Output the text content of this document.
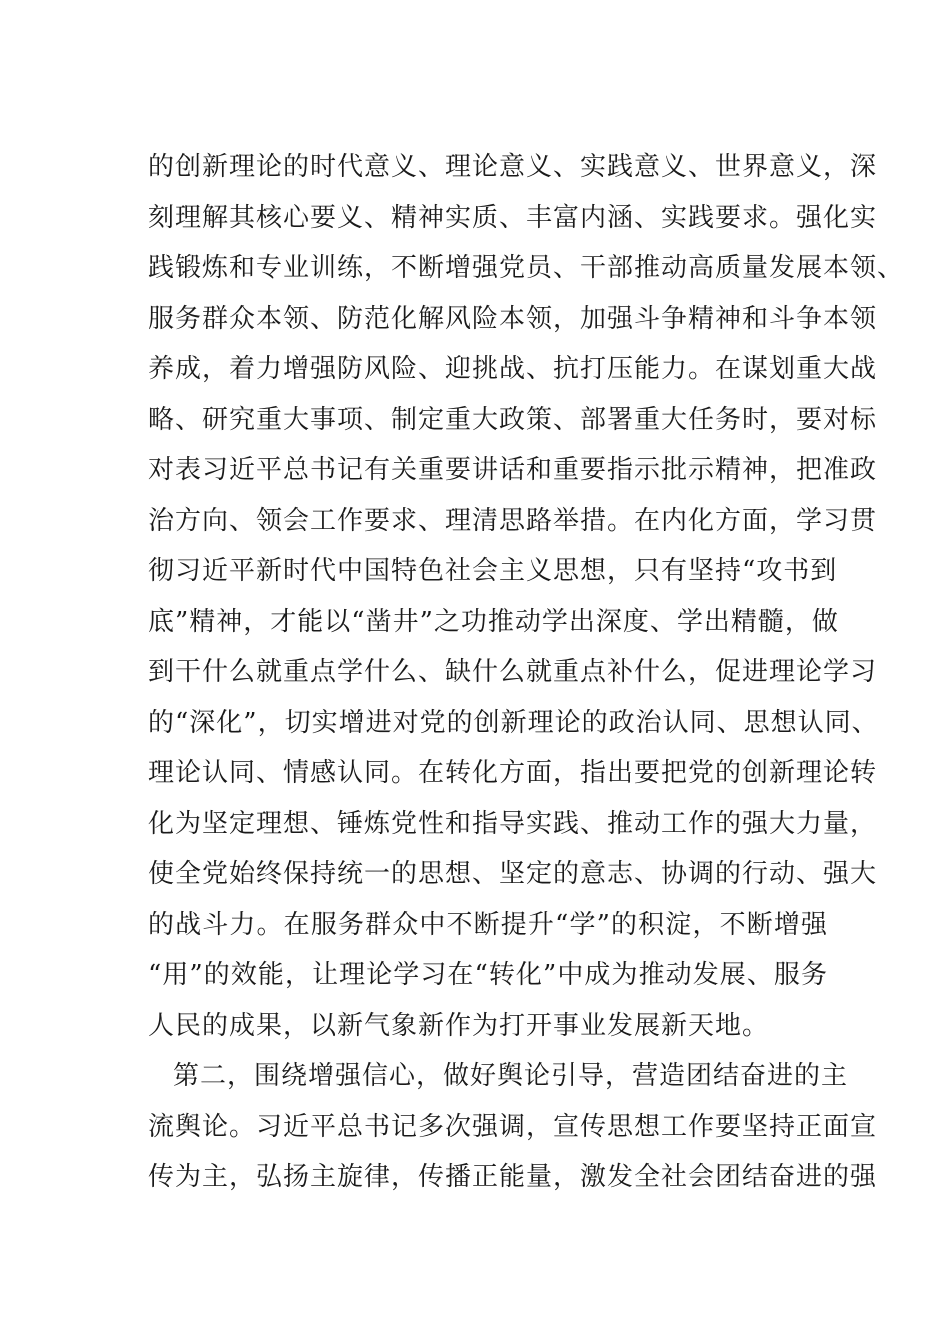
的创新理论的时代意义、理论意义、实践意义、世界意义，深
刻理解其核心要义、精神实质、丰富内涵、实践要求。强化实
践锻炼和专业训练，不断增强党员、干部推动高质量发展本领、
服务群众本领、防范化解风险本领，加强斗争精神和斗争本领
养成，着力增强防风险、迎挑战、抗打压能力。在谋划重大战
略、研究重大事项、制定重大政策、部署重大任务时，要对标
对表习近平总书记有关重要讲话和重要指示批示精神，把准政
治方向、领会工作要求、理清思路举措。在内化方面，学习贯
彻习近平新时代中国特色社会主义思想，只有坚持“攻书到
底”精神，才能以“凿井”之功推动学出深度、学出精髓，做
到干什么就重点学什么、缺什么就重点补什么，促进理论学习
的“深化”，切实增进对党的创新理论的政治认同、思想认同、
理论认同、情感认同。在转化方面，指出要把党的创新理论转
化为坚定理想、锤炼党性和指导实践、推动工作的强大力量，
使全党始终保持统一的思想、坚定的意志、协调的行动、强大
的战斗力。在服务群众中不断提升“学”的积淀，不断增强
“用”的效能，让理论学习在“转化”中成为推动发展、服务
人民的成果，以新气象新作为打开事业发展新天地。
第二，围绕增强信心，做好舆论引导，营造团结奋进的主
流舆论。习近平总书记多次强调，宣传思想工作要坚持正面宣
传为主，弘扬主旋律，传播正能量，激发全社会团结奋进的强
